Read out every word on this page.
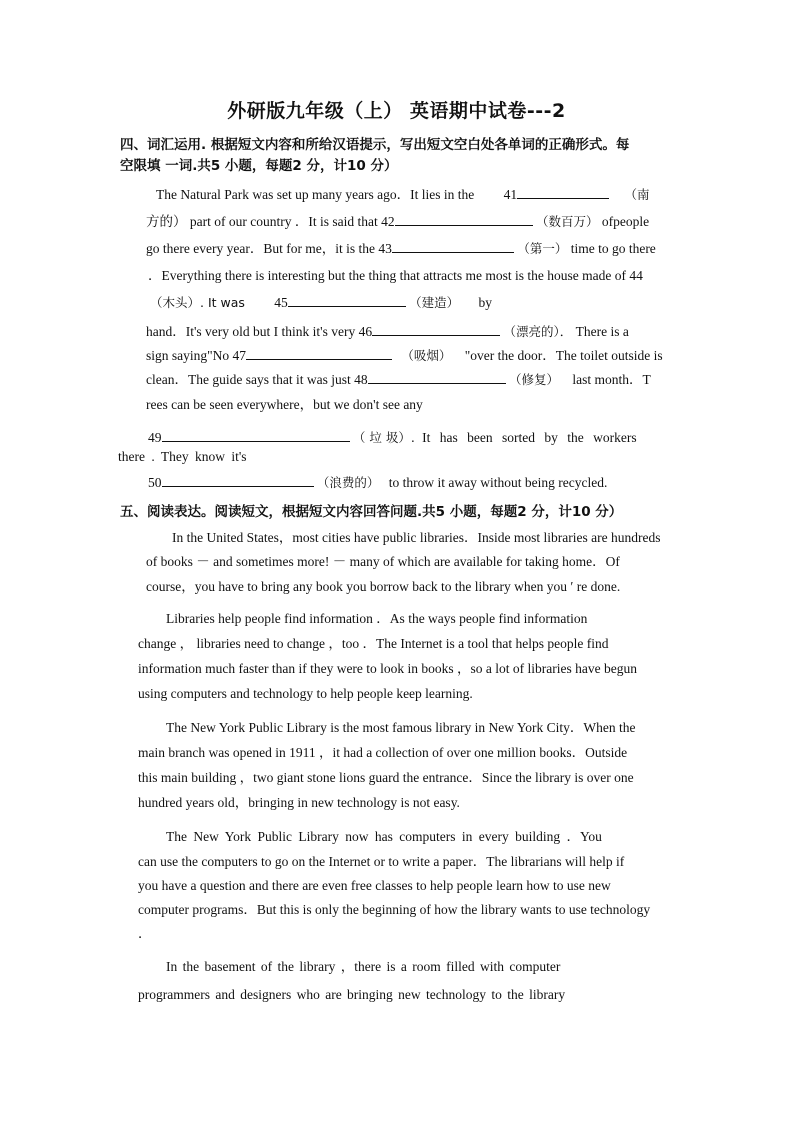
外研版九年级（上） 英语期中试卷---2
四、词汇运用. 根据短文内容和所给汉语提示，写出短文空白处各单词的正确形式。每
空限填 一词.共5 小题，每题2 分，计10 分）
The Natural Park was set up many years ago．It lies in the 41	（南
方的） part of our country ．It is said that 42	（数百万） ofpeople
go there every year．But for me，it is the 43	（第一） time to go there
．Everything there is interesting but the thing that attracts me most is the house made of 44
（木头）. It was 45	（建造） by
hand．It's very old but I think it's very 46	（漂亮的）． There is a
sign saying"No 47	（吸烟） "over the door．The toilet outside is
clean．The guide says that it was just 48	（修复） last month．T
rees can be seen everywhere，but we don't see any
49	（ 垃 圾）. It has been sorted by the workers
there . They know it's
50	（浪费的） to throw it away without being recycled.
五、阅读表达。阅读短文，根据短文内容回答问题.共5 小题，每题2 分，计10 分）
In the United States，most cities have public libraries．Inside most libraries are hundreds
of books － and sometimes more! － many of which are available for taking home．Of
course，you have to bring any book you borrow back to the library when you ′ re done.
Libraries help people find information ．As the ways people find information
change ， libraries need to change ，too ．The Internet is a tool that helps people find
information much faster than if they were to look in books ，so a lot of libraries have begun
using computers and technology to help people keep learning.
The New York Public Library is the most famous library in New York City．When the
main branch was opened in 1911 ，it had a collection of over one million books．Outside
this main building ，two giant stone lions guard the entrance．Since the library is over one
hundred years old，bringing in new technology is not easy.
The New York Public Library now has computers in every building ．You
can use the computers to go on the Internet or to write a paper．The librarians will help if
you have a question and there are even free classes to help people learn how to use new
computer programs．But this is only the beginning of how the library wants to use technology
．
In the basement of the library ，there is a room filled with computer
programmers and designers who are bringing new technology to the library
